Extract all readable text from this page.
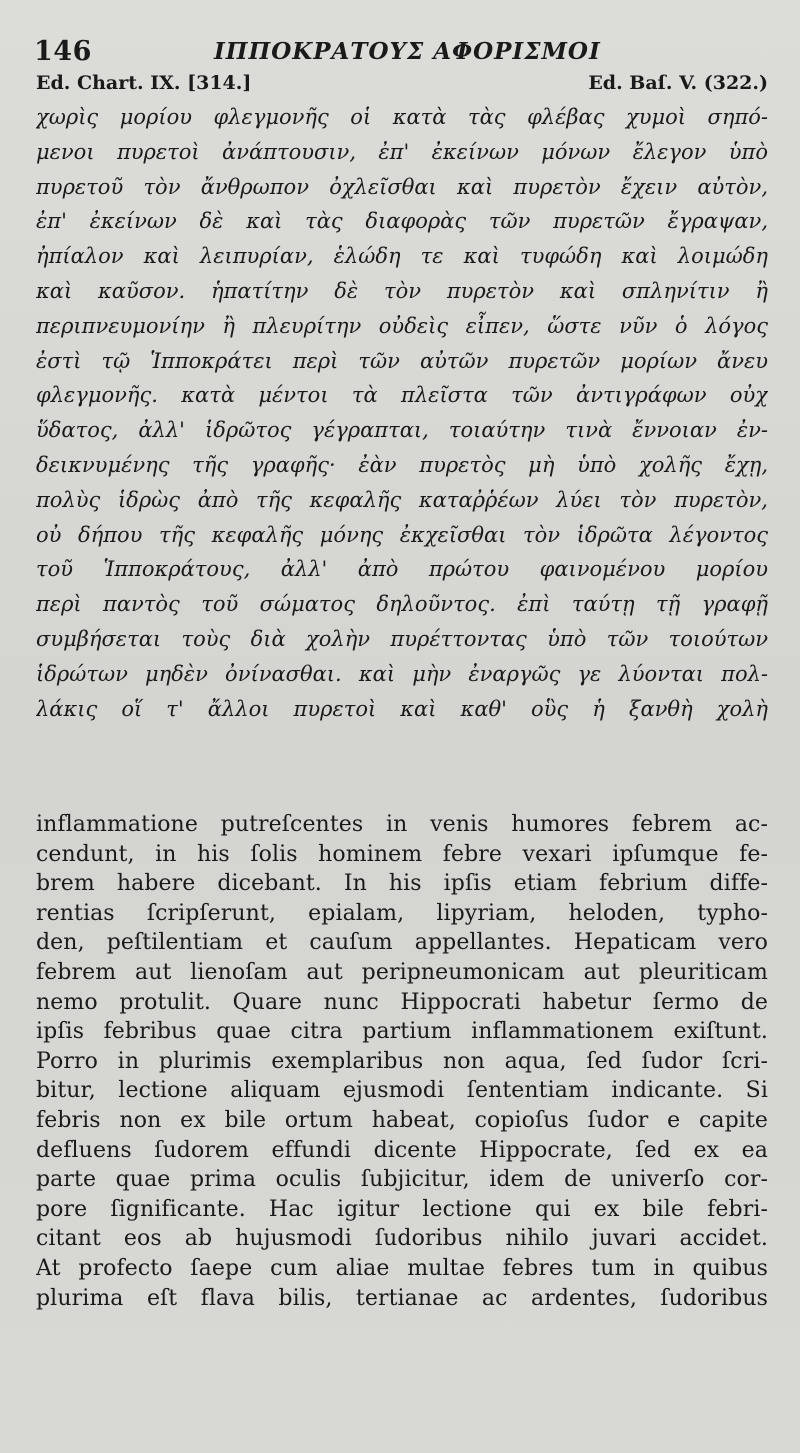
146	ΙΠΠΟΚΡΑΤΟΥΣ ΑΦΟΡΙΣΜΟΙ
Ed. Chart. IX. [314.]	Ed. Baſ. V. (322.)
χωρὶς μορίου φλεγμονῆς οἱ κατὰ τὰς φλέβας χυμοὶ σηπό-
μενοι πυρετοὶ ἀνάπτουσιν, ἐπ' ἐκείνων μόνων ἔλεγον ὑπὸ
πυρετοῦ τὸν ἄνθρωπον ὀχλεῖσθαι καὶ πυρετὸν ἔχειν αὐτὸν,
ἐπ' ἐκείνων δὲ καὶ τὰς διαφορὰς τῶν πυρετῶν ἔγραψαν,
ἠπίαλον καὶ λειπυρίαν, ἑλώδη τε καὶ τυφώδη καὶ λοιμώδη
καὶ καῦσον. ἡπατίτην δὲ τὸν πυρετὸν καὶ σπληνίτιν ἢ
περιπνευμονίην ἢ πλευρίτην οὐδεὶς εἶπεν, ὥστε νῦν ὁ λόγος
ἐστὶ τῷ Ἱπποκράτει περὶ τῶν αὐτῶν πυρετῶν μορίων ἄνευ
φλεγμονῆς. κατὰ μέντοι τὰ πλεῖστα τῶν ἀντιγράφων οὐχ
ὕδατος, ἀλλ' ἱδρῶτος γέγραπται, τοιαύτην τινὰ ἔννοιαν ἐν-
δεικνυμένης τῆς γραφῆς· ἐὰν πυρετὸς μὴ ὑπὸ χολῆς ἔχῃ,
πολὺς ἱδρὼς ἀπὸ τῆς κεφαλῆς καταῤῥέων λύει τὸν πυρετὸν,
οὐ δήπου τῆς κεφαλῆς μόνης ἐκχεῖσθαι τὸν ἱδρῶτα λέγοντος
τοῦ Ἱπποκράτους, ἀλλ' ἀπὸ πρώτου φαινομένου μορίου
περὶ παντὸς τοῦ σώματος δηλοῦντος. ἐπὶ ταύτῃ τῇ γραφῇ
συμβήσεται τοὺς διὰ χολὴν πυρέττοντας ὑπὸ τῶν τοιούτων
ἱδρώτων μηδὲν ὀνίνασθαι. καὶ μὴν ἐναργῶς γε λύονται πολ-
λάκις οἵ τ' ἄλλοι πυρετοὶ καὶ καθ' οὓς ἡ ξανθὴ χολὴ
inflammatione putreſcentes in venis humores febrem ac-
cendunt, in his ſolis hominem febre vexari ipſumque fe-
brem habere dicebant. In his ipſis etiam febrium diffe-
rentias ſcripſerunt, epialam, lipyriam, heloden, typho-
den, peſtilentiam et cauſum appellantes. Hepaticam vero
febrem aut lienoſam aut peripneumonicam aut pleuriticam
nemo protulit. Quare nunc Hippocrati habetur ſermo de
ipſis febribus quae citra partium inflammationem exiſtunt.
Porro in plurimis exemplaribus non aqua, ſed ſudor ſcri-
bitur, lectione aliquam ejusmodi ſententiam indicante. Si
febris non ex bile ortum habeat, copioſus ſudor e capite
defluens ſudorem effundi dicente Hippocrate, ſed ex ea
parte quae prima oculis ſubjicitur, idem de univerſo cor-
pore ſignificante. Hac igitur lectione qui ex bile febri-
citant eos ab hujusmodi ſudoribus nihilo juvari accidet.
At profecto ſaepe cum aliae multae febres tum in quibus
plurima eſt flava bilis, tertianae ac ardentes, ſudoribus
